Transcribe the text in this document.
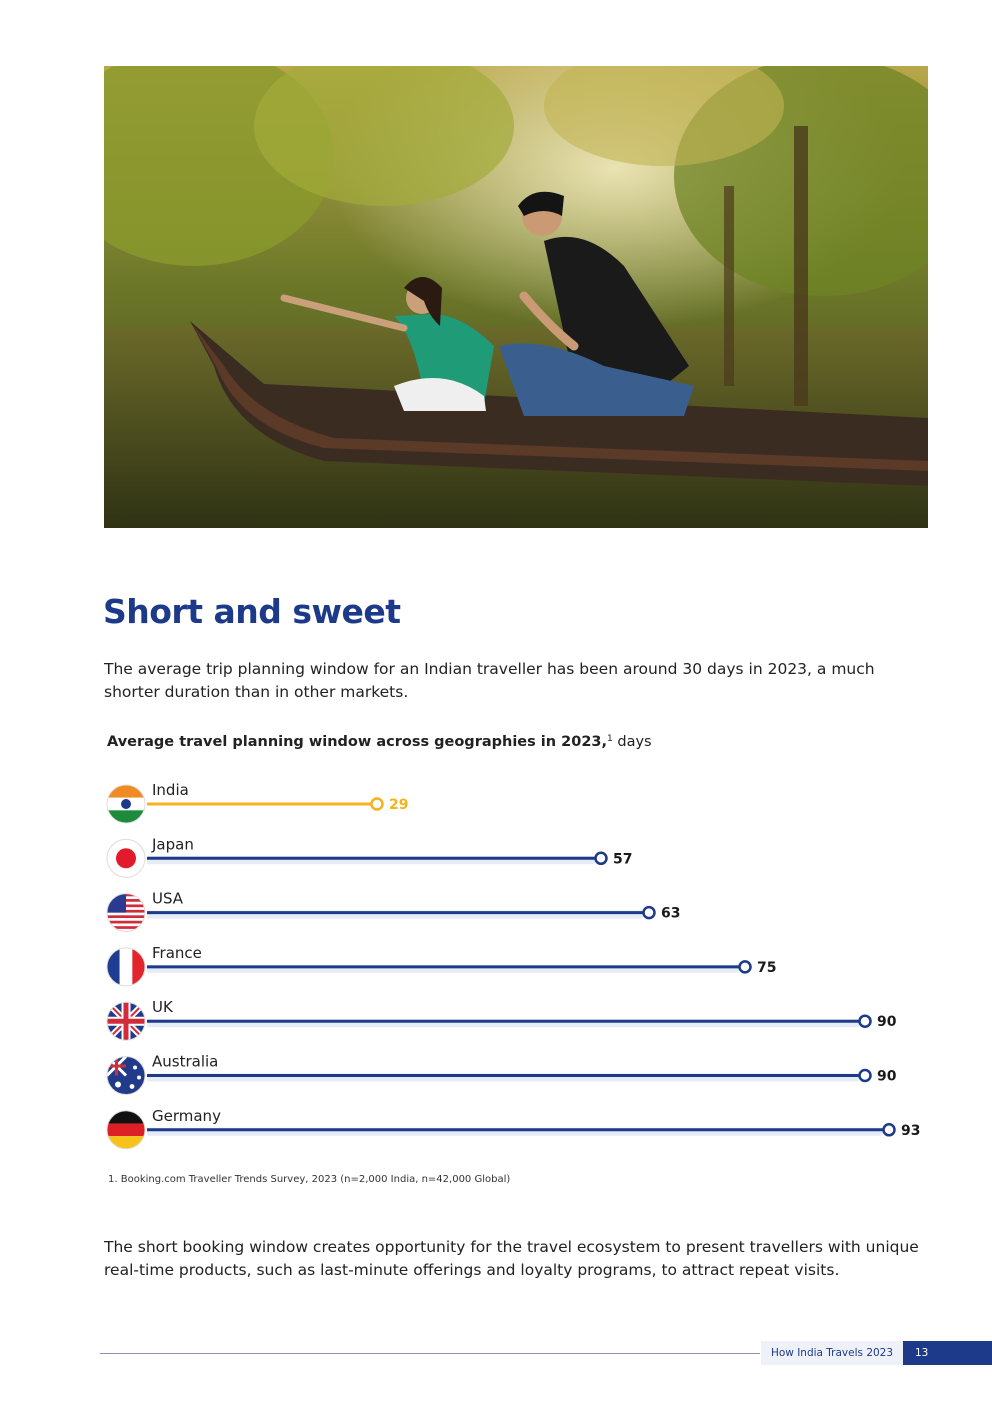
Short and sweet

The average trip planning window for an Indian traveller has been around 30 days in 2023, a much shorter duration than in other markets.

Average travel planning window across geographies in 2023,$^1$ days
India
29
Japan
57
USA
63
France
75
UK
90
Australia
90
Germany
93
1. Booking.com Traveller Trends Survey, 2023 (n=2,000 India, n=42,000 Global)

The short booking window creates opportunity for the travel ecosystem to present travellers with unique real-time products, such as last-minute offerings and loyalty programs, to attract repeat visits.

How India Travels 2023	13
